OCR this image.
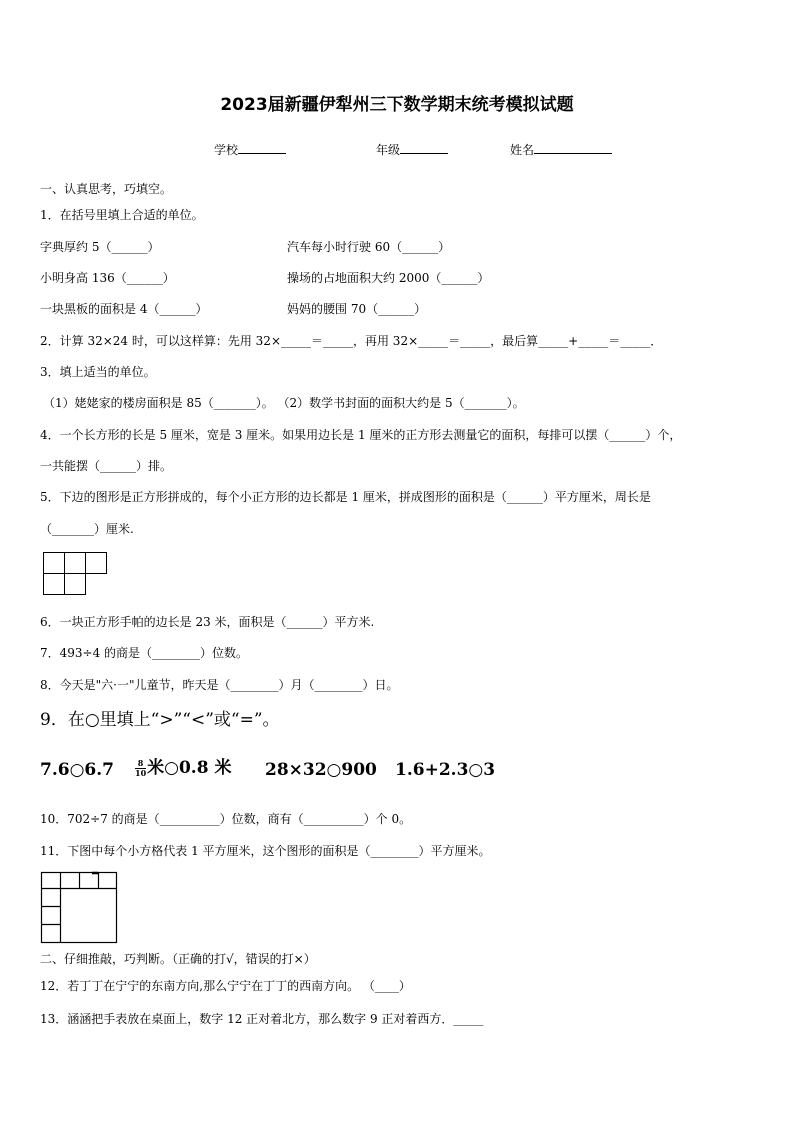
2023届新疆伊犁州三下数学期末统考模拟试题
学校	年级	姓名
一、认真思考，巧填空。
1．在括号里填上合适的单位。
字典厚约 5（______）	汽车每小时行驶 60（______）
小明身高 136（______）	操场的占地面积大约 2000（______）
一块黑板的面积是 4（______）	妈妈的腰围 70（______）
2．计算 32×24 时，可以这样算：先用 32×_____＝_____，再用 32×_____＝_____，最后算_____+_____＝_____．
3．填上适当的单位。
（1）姥姥家的楼房面积是 85（_______）。 （2）数学书封面的面积大约是 5（_______）。
4．一个长方形的长是 5 厘米，宽是 3 厘米。如果用边长是 1 厘米的正方形去测量它的面积，每排可以摆（______）个，
一共能摆（______）排。
5．下边的图形是正方形拼成的，每个小正方形的边长都是 1 厘米，拼成图形的面积是（______）平方厘米，周长是
（_______）厘米.
6．一块正方形手帕的边长是 23 米，面积是（______）平方米.
7．493÷4 的商是（________）位数。
8．今天是"六·一"儿童节，昨天是（________）月（________）日。
9．在○里填上“>”“<”或“=”。
7.6○6.7	$\frac{8}{10}$ 米○0.8 米 28×32○900 1.6+2.3○3
10．702÷7 的商是（__________）位数，商有（__________）个 0。
11．下图中每个小方格代表 1 平方厘米，这个图形的面积是（________）平方厘米。
二、仔细推敲，巧判断。（正确的打√，错误的打×）
12．若丁丁在宁宁的东南方向,那么宁宁在丁丁的西南方向。 （____）
13．涵涵把手表放在桌面上，数字 12 正对着北方，那么数字 9 正对着西方．_____
